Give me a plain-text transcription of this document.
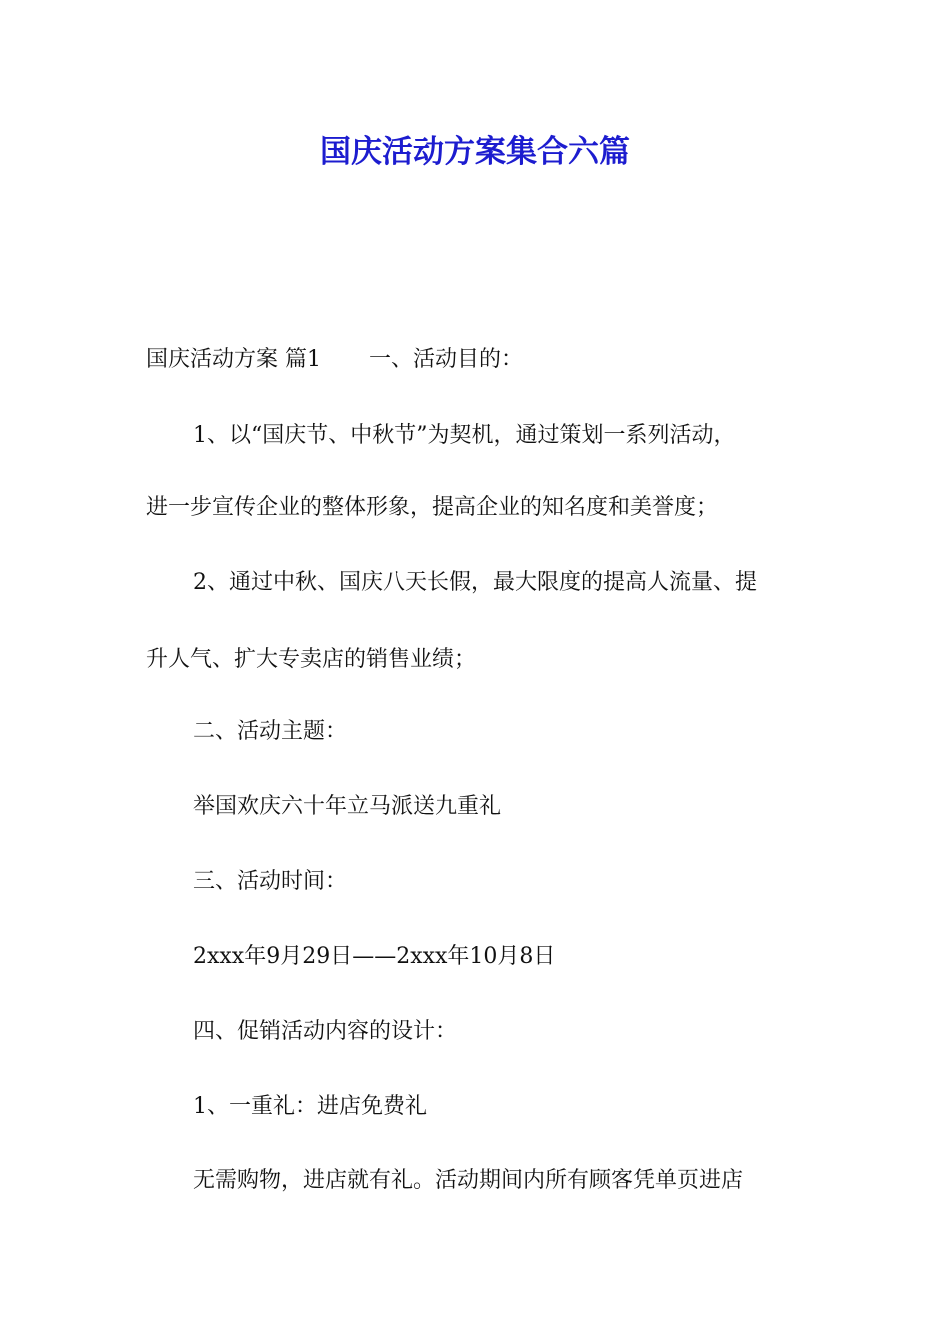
国庆活动方案集合六篇

国庆活动方案 篇1 一、活动目的：

1、以“国庆节、中秋节”为契机，通过策划一系列活动，

进一步宣传企业的整体形象，提高企业的知名度和美誉度；

2、通过中秋、国庆八天长假，最大限度的提高人流量、提

升人气、扩大专卖店的销售业绩；

二、活动主题：

举国欢庆六十年立马派送九重礼

三、活动时间：

2xxx年9月29日——2xxx年10月8日

四、促销活动内容的设计：

1、一重礼：进店免费礼

无需购物，进店就有礼。活动期间内所有顾客凭单页进店
